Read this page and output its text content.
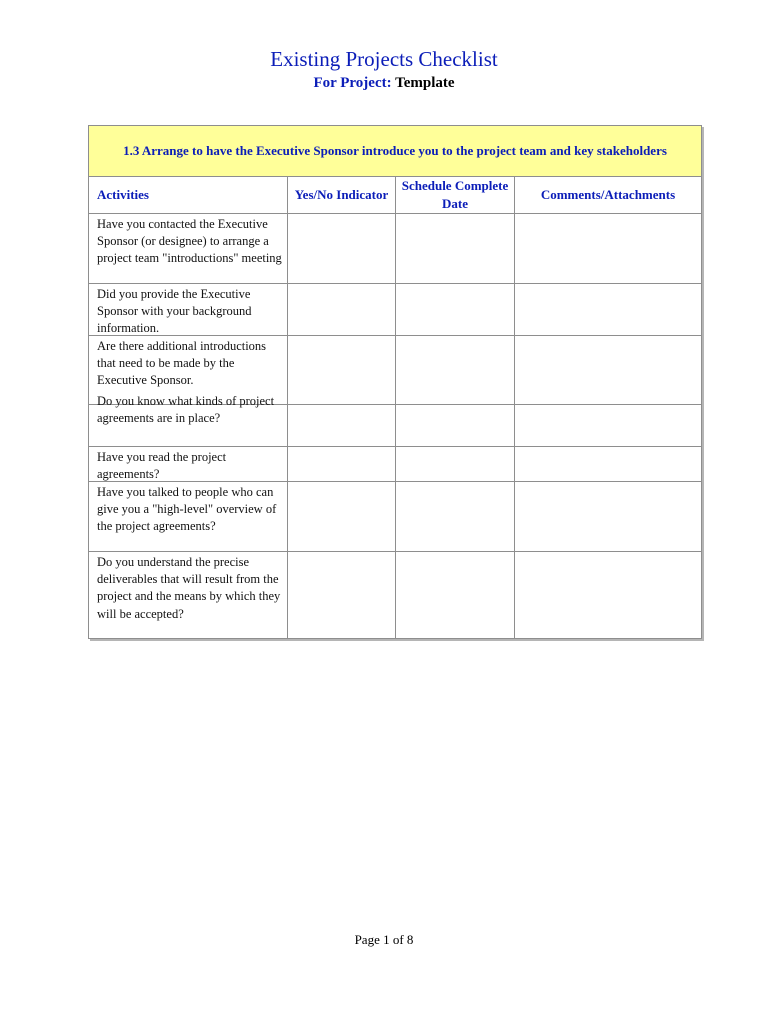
Existing Projects Checklist
For Project: Template
1.3 Arrange to have the Executive Sponsor introduce you to the project team and key stakeholders			
Activities	Yes/No Indicator	Schedule Complete Date	Comments/Attachments

Have you contacted the Executive Sponsor (or designee) to arrange a project team "introductions" meeting			

Did you provide the Executive Sponsor with your background information.			

Are there additional introductions that need to be made by the Executive Sponsor.			

Do you know what kinds of project agreements are in place?			

Have you read the project agreements?			

Have you talked to people who can give you a "high-level" overview of the project agreements?			

Do you understand the precise deliverables that will result from the project and the means by which they will be accepted?			

Page 1 of 8
